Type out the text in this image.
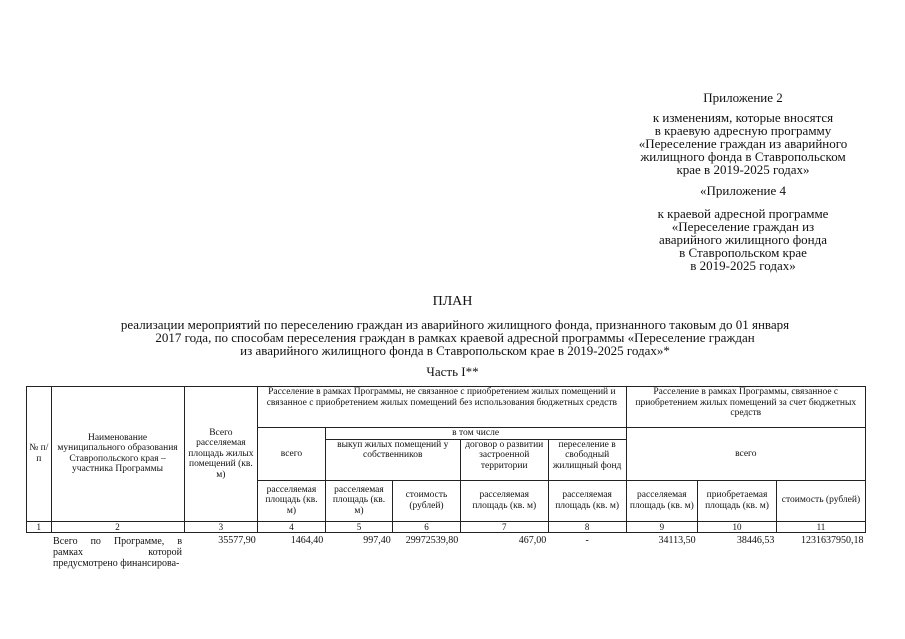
Приложение 2
к изменениям, которые вносятся
в краевую адресную программу
«Переселение граждан из аварийного
жилищного фонда в Ставропольском
крае в 2019-2025 годах»
«Приложение 4
к краевой адресной программе
«Переселение граждан из
аварийного жилищного фонда
в Ставропольском крае
в 2019-2025 годах»
ПЛАН
реализации мероприятий по переселению граждан из аварийного жилищного фонда, признанного таковым до 01 января
2017 года, по способам переселения граждан в рамках краевой адресной программы «Переселение граждан
из аварийного жилищного фонда в Ставропольском крае в 2019-2025 годах»*
Часть I**
№ п/п	Наименование муниципального образования Ставропольского края – участника Программы	Всего расселяемая площадь жилых помещений (кв. м)	Расселение в рамках Программы, не связанное с приобретением жилых помещений и связанное с приобретением жилых помещений без использования бюджетных средств					Расселение в рамках Программы, связанное с приобретением жилых помещений за счет бюджетных средств		
			всего	в том числе				всего		
				выкуп жилых помещений у собственников		договор о развитии застроенной территории	переселение в свободный жилищный фонд			
			расселяемая площадь (кв. м)	расселяемая площадь (кв. м)	стоимость (рублей)	расселяемая площадь (кв. м)	расселяемая площадь (кв. м)	расселяемая площадь (кв. м)	приобретаемая площадь (кв. м)	стоимость (рублей)
1	2	3	4	5	6	7	8	9	10	11
	Всего по Программе, в рамках которой предусмотрено финансирова-	35577,90	1464,40	997,40	29972539,80	467,00	-	34113,50	38446,53	1231637950,18
